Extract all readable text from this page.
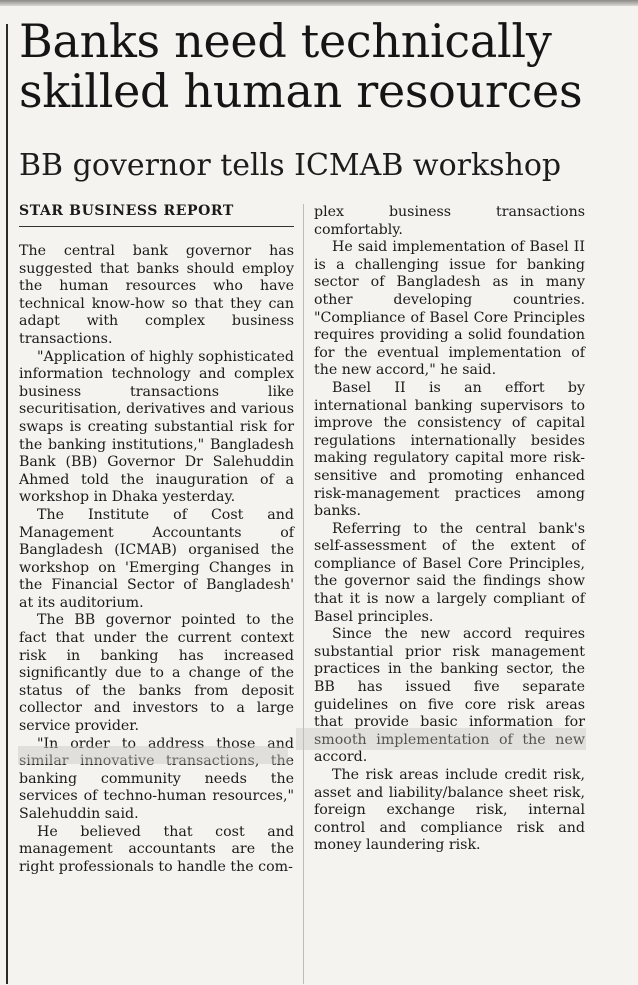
Banks need technically
skilled human resources
BB governor tells ICMAB workshop
STAR BUSINESS REPORT

The central bank governor has suggested that banks should employ the human resources who have technical know-how so that they can adapt with complex business transactions.

"Application of highly sophisticated information technology and complex business transactions like securitisation, derivatives and various swaps is creating substantial risk for the banking institutions," Bangladesh Bank (BB) Governor Dr Salehuddin Ahmed told the inauguration of a workshop in Dhaka yesterday.

The Institute of Cost and Management Accountants of Bangladesh (ICMAB) organised the workshop on 'Emerging Changes in the Financial Sector of Bangladesh' at its auditorium.

The BB governor pointed to the fact that under the current context risk in banking has increased significantly due to a change of the status of the banks from deposit collector and investors to a large service provider.

"In order to address those and similar innovative transactions, the banking community needs the services of techno-human resources," Salehuddin said.

He believed that cost and management accountants are the right professionals to handle the com-

plex business transactions comfortably.

He said implementation of Basel II is a challenging issue for banking sector of Bangladesh as in many other developing countries. "Compliance of Basel Core Principles requires providing a solid foundation for the eventual implementation of the new accord," he said.

Basel II is an effort by international banking supervisors to improve the consistency of capital regulations internationally besides making regulatory capital more risk-sensitive and promoting enhanced risk-management practices among banks.

Referring to the central bank's self-assessment of the extent of compliance of Basel Core Principles, the governor said the findings show that it is now a largely compliant of Basel principles.

Since the new accord requires substantial prior risk management practices in the banking sector, the BB has issued five separate guidelines on five core risk areas that provide basic information for smooth implementation of the new accord.

The risk areas include credit risk, asset and liability/balance sheet risk, foreign exchange risk, internal control and compliance risk and money laundering risk.
